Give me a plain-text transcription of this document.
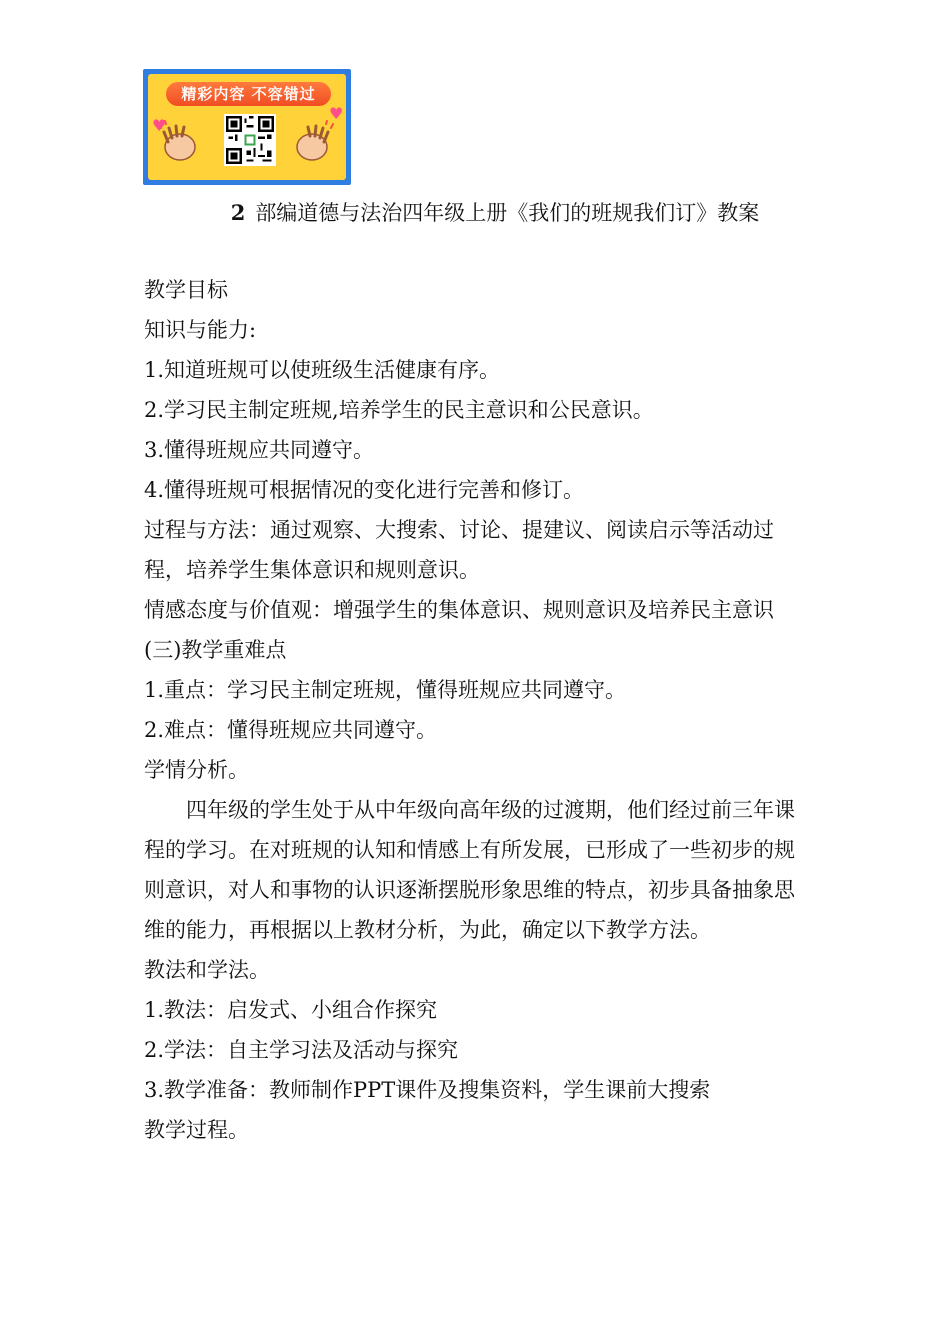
精彩内容 不容错过
♥
♥
2 部编道德与法治四年级上册《我们的班规我们订》教案

教学目标

知识与能力:

1.知道班规可以使班级生活健康有序。

2.学习民主制定班规,培养学生的民主意识和公民意识。

3.懂得班规应共同遵守。

4.懂得班规可根据情况的变化进行完善和修订。

过程与方法：通过观察、大搜索、讨论、提建议、阅读启示等活动过程，培养学生集体意识和规则意识。

情感态度与价值观：增强学生的集体意识、规则意识及培养民主意识

(三)教学重难点

1.重点：学习民主制定班规，懂得班规应共同遵守。

2.难点：懂得班规应共同遵守。

学情分析。

四年级的学生处于从中年级向高年级的过渡期，他们经过前三年课程的学习。在对班规的认知和情感上有所发展，已形成了一些初步的规则意识，对人和事物的认识逐渐摆脱形象思维的特点，初步具备抽象思维的能力，再根据以上教材分析，为此，确定以下教学方法。

教法和学法。

1.教法：启发式、小组合作探究

2.学法：自主学习法及活动与探究

3.教学准备：教师制作PPT课件及搜集资料，学生课前大搜索

教学过程。
